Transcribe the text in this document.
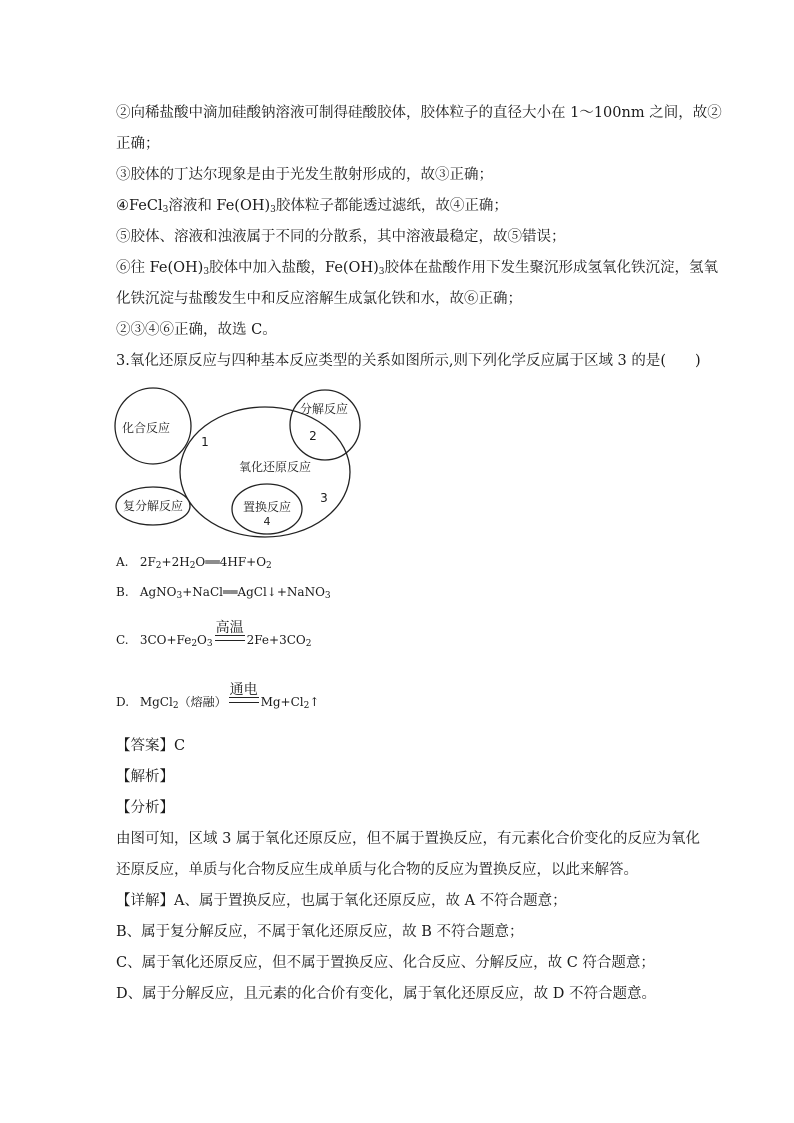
②向稀盐酸中滴加硅酸钠溶液可制得硅酸胶体，胶体粒子的直径大小在 1～100nm 之间，故②
正确；
③胶体的丁达尔现象是由于光发生散射形成的，故③正确；
④FeCl$_3$溶液和 $Fe(OH)_3$胶体粒子都能透过滤纸，故④正确；
⑤胶体、溶液和浊液属于不同的分散系，其中溶液最稳定，故⑤错误；
⑥往 $Fe(OH)_3$胶体中加入盐酸，$Fe(OH)_3$胶体在盐酸作用下发生聚沉形成氢氧化铁沉淀，氢氧
化铁沉淀与盐酸发生中和反应溶解生成氯化铁和水，故⑥正确；
②③④⑥正确，故选 C。
3.氧化还原反应与四种基本反应类型的关系如图所示,则下列化学反应属于区域 3 的是(　　)
化合反应
1
分解反应
2
氧化还原反应
3
置换反应
4
复分解反应
A. $2F_2+2H_2O══4HF+O_2$
B. AgNO$_3$+NaCl══AgCl↓+NaNO$_3$
C. $3CO+Fe_2O_3$
高温
$2Fe+3CO_2$
D. MgCl$_2$（熔融）
通电
$Mg+Cl_2↑$
【答案】C
【解析】
【分析】
由图可知，区域 3 属于氧化还原反应，但不属于置换反应，有元素化合价变化的反应为氧化
还原反应，单质与化合物反应生成单质与化合物的反应为置换反应，以此来解答。
【详解】A、属于置换反应，也属于氧化还原反应，故 A 不符合题意；
B、属于复分解反应，不属于氧化还原反应，故 B 不符合题意；
C、属于氧化还原反应，但不属于置换反应、化合反应、分解反应，故 C 符合题意；
D、属于分解反应，且元素的化合价有变化，属于氧化还原反应，故 D 不符合题意。
